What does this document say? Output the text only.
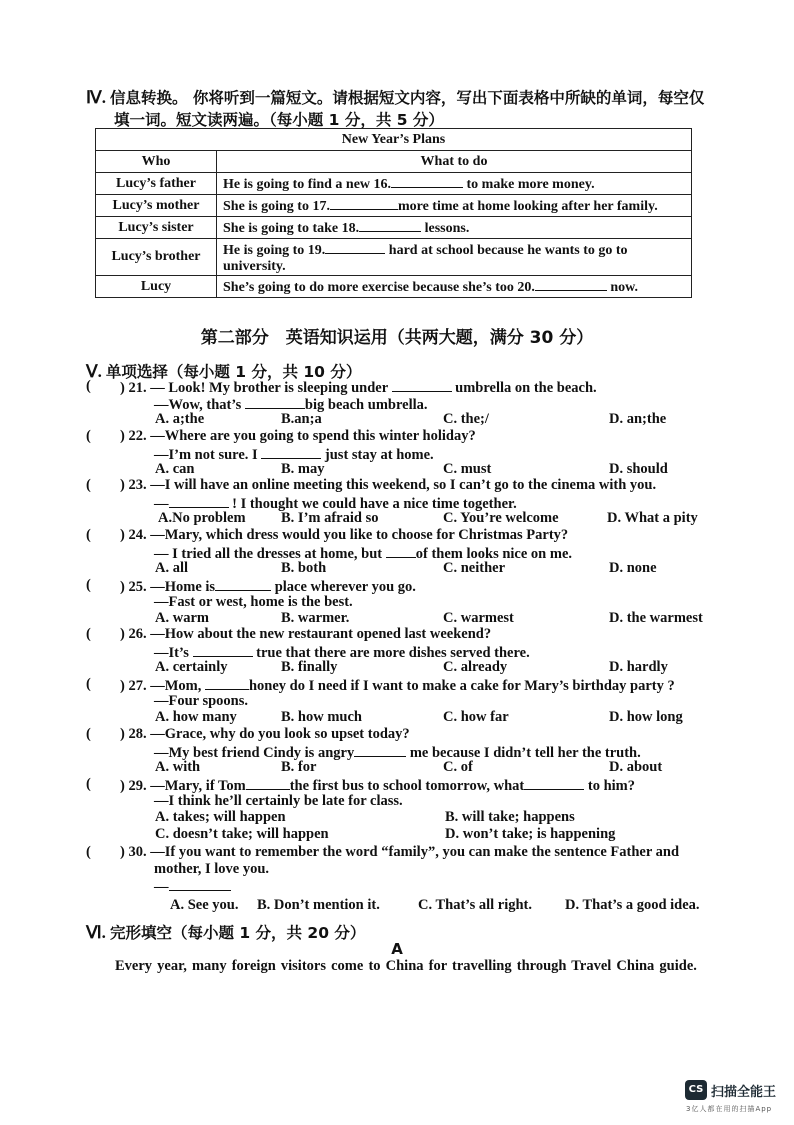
Ⅳ. 信息转换。 你将听到一篇短文。请根据短文内容，写出下面表格中所缺的单词，每空仅
填一词。短文读两遍。（每小题 1 分，共 5 分）
New Year’s Plans	
Who	What to do
Lucy’s father	He is going to find a new 16. to make more money.
Lucy’s mother	She is going to 17. more time at home looking after her family.
Lucy’s sister	She is going to take 18. lessons.
Lucy’s brother	He is going to 19. hard at school because he wants to go to
university.
Lucy	She’s going to do more exercise because she’s too 20. now.
第二部分　英语知识运用（共两大题，满分 30 分）
Ⅴ. 单项选择（每小题 1 分，共 10 分）
( ) 21. — Look! My brother is sleeping under	umbrella on the beach.
—Wow, that’s	big beach umbrella.
A. a;the	B.an;a	C. the;/	D. an;the
( ) 22. —Where are you going to spend this winter holiday?
—I’m not sure. I	just stay at home.
A. can	B. may	C. must	D. should
( ) 23. —I will have an online meeting this weekend, so I can’t go to the cinema with you.
—	! I thought we could have a nice time together.
A.No problem B. I’m afraid so	C. You’re welcome	D. What a pity
( ) 24. —Mary, which dress would you like to choose for Christmas Party?
— I tried all the dresses at home, but of them looks nice on me.
A. all	B. both	C. neither	D. none
( ) 25. —Home is	place wherever you go.
—Fast or west, home is the best.
A. warm	B. warmer.	C. warmest	D. the warmest
( ) 26. —How about the new restaurant opened last weekend?
—It’s	true that there are more dishes served there.
A. certainly	B. finally	C. already	D. hardly
( ) 27. —Mom,	honey do I need if I want to make a cake for Mary’s birthday party ?
—Four spoons.
A. how many	B. how much	C. how far	D. how long
( ) 28. —Grace, why do you look so upset today?
—My best friend Cindy is angry	me because I didn’t tell her the truth.
A. with	B. for	C. of	D. about
( ) 29. —Mary, if Tom	the first bus to school tomorrow, what	to him?
—I think he’ll certainly be late for class.
A. takes; will happen	B. will take; happens
C. doesn’t take; will happen	D. won’t take; is happening
( ) 30. —If you want to remember the word “family”, you can make the sentence Father and
mother, I love you.
—
A. See you. B. Don’t mention it.	C. That’s all right. D. That’s a good idea.
Ⅵ. 完形填空（每小题 1 分，共 20 分）
A
Every year, many foreign visitors come to China for travelling through Travel China guide.
CS 扫描全能王
3亿人都在用的扫描App
